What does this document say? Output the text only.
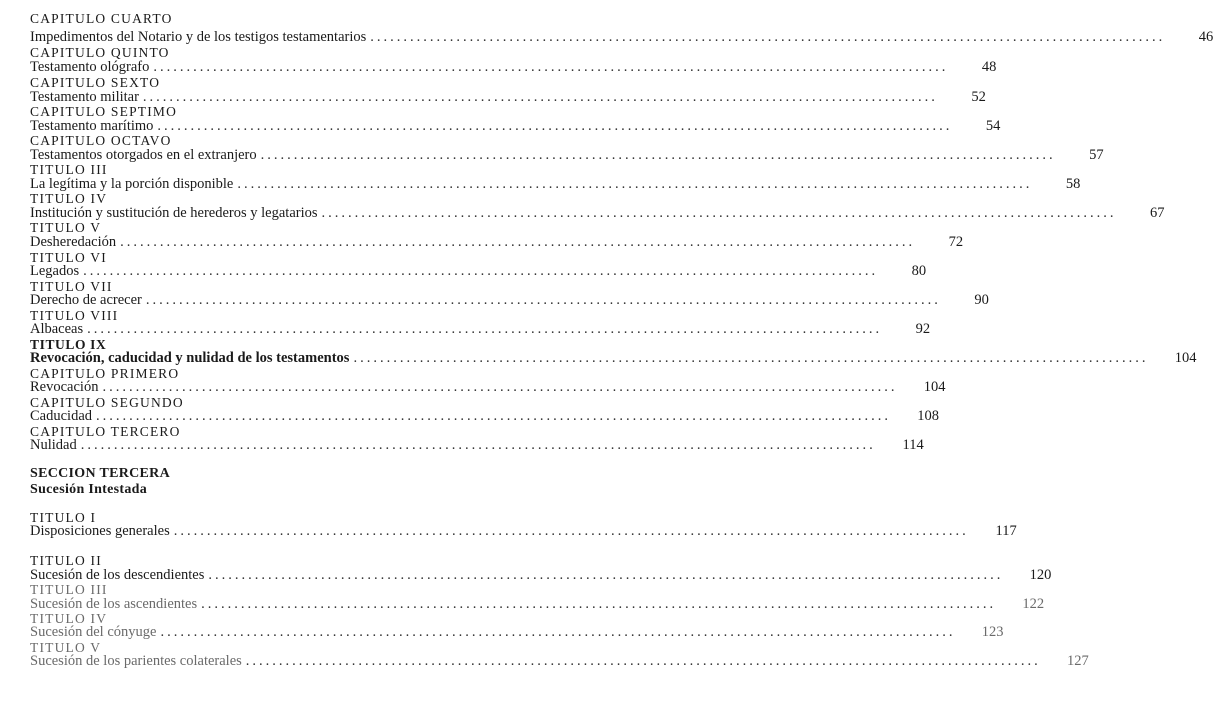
CAPITULO CUARTO
Impedimentos del Notario y de los testigos testamentarios ........................................................................................................................	46
CAPITULO QUINTO
Testamento ológrafo ........................................................................................................................	48
CAPITULO SEXTO
Testamento militar ........................................................................................................................	52
CAPITULO SEPTIMO
Testamento marítimo ........................................................................................................................	54
CAPITULO OCTAVO
Testamentos otorgados en el extranjero ........................................................................................................................	57
TITULO III
La legítima y la porción disponible ........................................................................................................................	58
TITULO IV
Institución y sustitución de herederos y legatarios ........................................................................................................................	67
TITULO V
Desheredación ........................................................................................................................	72
TITULO VI
Legados ........................................................................................................................	80
TITULO VII
Derecho de acrecer ........................................................................................................................	90
TITULO VIII
Albaceas ........................................................................................................................	92
TITULO IX
Revocación, caducidad y nulidad de los testamentos ........................................................................................................................	104
CAPITULO PRIMERO
Revocación ........................................................................................................................	104
CAPITULO SEGUNDO
Caducidad ........................................................................................................................	108
CAPITULO TERCERO
Nulidad ........................................................................................................................	114
SECCION TERCERA
Sucesión Intestada
TITULO I
Disposiciones generales ........................................................................................................................	117
TITULO II
Sucesión de los descendientes ........................................................................................................................	120
TITULO III
Sucesión de los ascendientes ........................................................................................................................	122
TITULO IV
Sucesión del cónyuge ........................................................................................................................	123
TITULO V
Sucesión de los parientes colaterales ........................................................................................................................	127
